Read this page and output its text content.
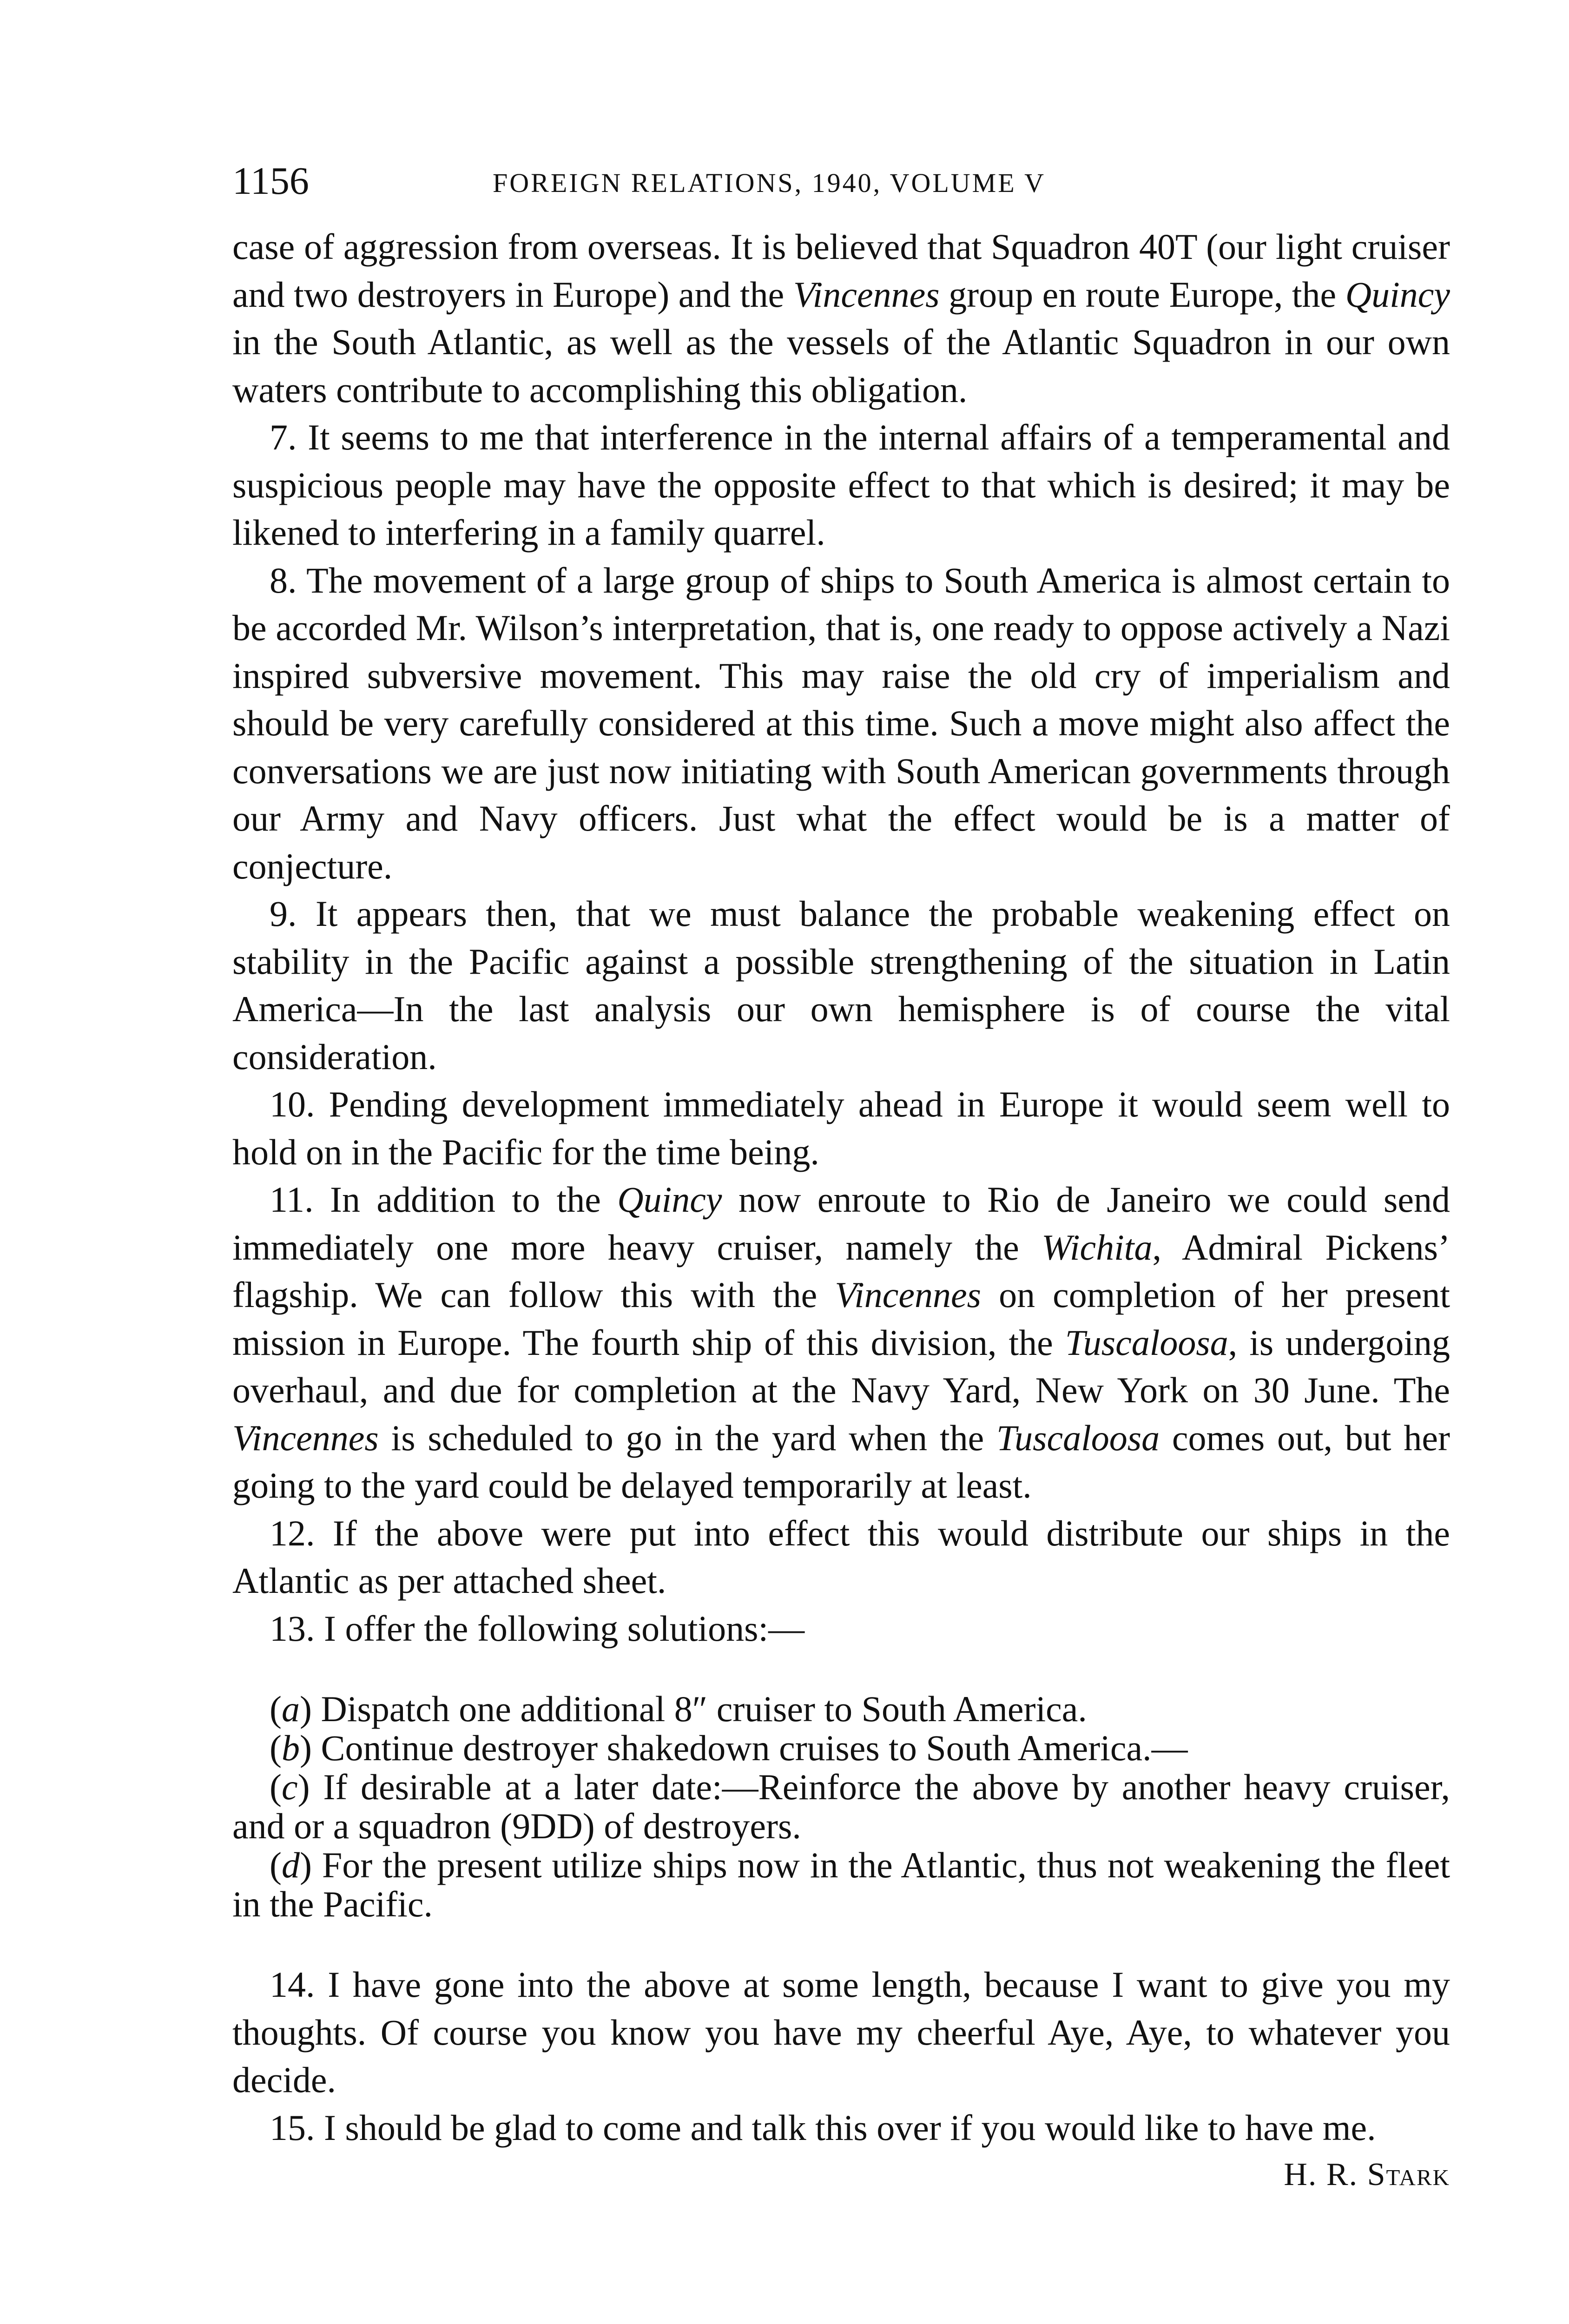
1156	FOREIGN RELATIONS, 1940, VOLUME V

case of aggression from overseas. It is believed that Squadron 40T (our light cruiser and two destroyers in Europe) and the Vincennes group en route Europe, the Quincy in the South Atlantic, as well as the vessels of the Atlantic Squadron in our own waters contribute to accomplishing this obligation.

7. It seems to me that interference in the internal affairs of a temperamental and suspicious people may have the opposite effect to that which is desired; it may be likened to interfering in a family quarrel.

8. The movement of a large group of ships to South America is almost certain to be accorded Mr. Wilson’s interpretation, that is, one ready to oppose actively a Nazi inspired subversive movement. This may raise the old cry of imperialism and should be very carefully considered at this time. Such a move might also affect the conversations we are just now initiating with South American governments through our Army and Navy officers. Just what the effect would be is a matter of conjecture.

9. It appears then, that we must balance the probable weakening effect on stability in the Pacific against a possible strengthening of the situation in Latin America—In the last analysis our own hemisphere is of course the vital consideration.

10. Pending development immediately ahead in Europe it would seem well to hold on in the Pacific for the time being.

11. In addition to the Quincy now enroute to Rio de Janeiro we could send immediately one more heavy cruiser, namely the Wichita, Admiral Pickens’ flagship. We can follow this with the Vincennes on completion of her present mission in Europe. The fourth ship of this division, the Tuscaloosa, is undergoing overhaul, and due for completion at the Navy Yard, New York on 30 June. The Vincennes is scheduled to go in the yard when the Tuscaloosa comes out, but her going to the yard could be delayed temporarily at least.

12. If the above were put into effect this would distribute our ships in the Atlantic as per attached sheet.

13. I offer the following solutions:—

(a) Dispatch one additional 8″ cruiser to South America.

(b) Continue destroyer shakedown cruises to South America.—

(c) If desirable at a later date:—Reinforce the above by another heavy cruiser, and or a squadron (9DD) of destroyers.

(d) For the present utilize ships now in the Atlantic, thus not weakening the fleet in the Pacific.

14. I have gone into the above at some length, because I want to give you my thoughts. Of course you know you have my cheerful Aye, Aye, to whatever you decide.

15. I should be glad to come and talk this over if you would like to have me.

H. R. Stark
